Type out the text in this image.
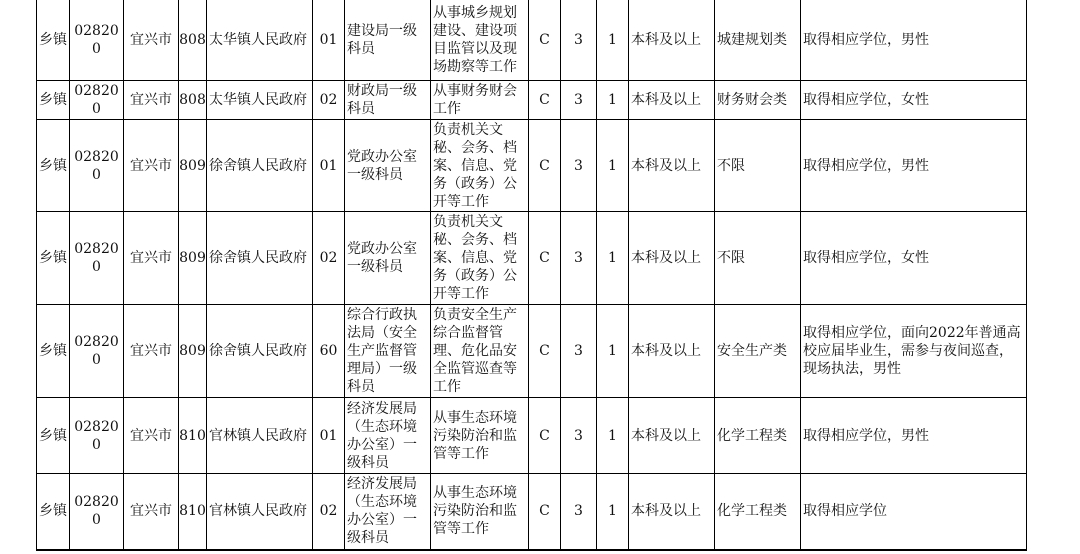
乡镇	028200	宜兴市	808	太华镇人民政府	01	建设局一级科员	从事城乡规划建设、建设项目监管以及现场勘察等工作	C	3	1	本科及以上	城建规划类	取得相应学位，男性
乡镇	028200	宜兴市	808	太华镇人民政府	02	财政局一级科员	从事财务财会工作	C	3	1	本科及以上	财务财会类	取得相应学位，女性
乡镇	028200	宜兴市	809	徐舍镇人民政府	01	党政办公室一级科员	负责机关文秘、会务、档案、信息、党务（政务）公开等工作	C	3	1	本科及以上	不限	取得相应学位，男性
乡镇	028200	宜兴市	809	徐舍镇人民政府	02	党政办公室一级科员	负责机关文秘、会务、档案、信息、党务（政务）公开等工作	C	3	1	本科及以上	不限	取得相应学位，女性
乡镇	028200	宜兴市	809	徐舍镇人民政府	60	综合行政执法局（安全生产监督管理局）一级科员	负责安全生产综合监督管理、危化品安全监管巡查等工作	C	3	1	本科及以上	安全生产类	取得相应学位，面向2022年普通高校应届毕业生，需参与夜间巡查，现场执法，男性
乡镇	028200	宜兴市	810	官林镇人民政府	01	经济发展局（生态环境办公室）一级科员	从事生态环境污染防治和监管等工作	C	3	1	本科及以上	化学工程类	取得相应学位，男性
乡镇	028200	宜兴市	810	官林镇人民政府	02	经济发展局（生态环境办公室）一级科员	从事生态环境污染防治和监管等工作	C	3	1	本科及以上	化学工程类	取得相应学位
